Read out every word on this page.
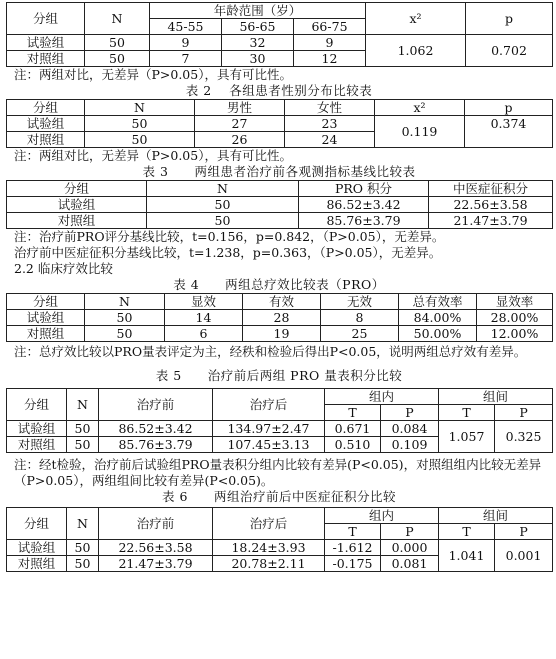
分组	N	年龄范围（岁）			x²	p
		45-55	56-65	66-75		
试验组	50	9	32	9	1.062	0.702
对照组	50	7	30	12		
注：两组对比，无差异（P>0.05），具有可比性。
表 2　 各组患者性别分布比较表
分组	N	男性	女性	x²	p
试验组	50	27	23	0.119	0.374
对照组	50	26	24		
注：两组对比，无差异（P>0.05），具有可比性。
表 3　　两组患者治疗前各观测指标基线比较表
分组	N	PRO 积分	中医症征积分
试验组	50	86.52±3.42	22.56±3.58
对照组	50	85.76±3.79	21.47±3.79
注：治疗前PRO评分基线比较，t=0.156，p=0.842，（P>0.05），无差异。
治疗前中医症征积分基线比较，t=1.238，p=0.363，（P>0.05），无差异。
2.2 临床疗效比较
表 4　　两组总疗效比较表（PRO）
分组	N	显效	有效	无效	总有效率	显效率
试验组	50	14	28	8	84.00%	28.00%
对照组	50	6	19	25	50.00%	12.00%
注：总疗效比较以PRO量表评定为主，经秩和检验后得出P<0.05，说明两组总疗效有差异。
表 5　　治疗前后两组 PRO 量表积分比较
分组	N	治疗前	治疗后	组内		组间	
				T	P	T	P
试验组	50	86.52±3.42	134.97±2.47	0.671	0.084	1.057	0.325
对照组	50	85.76±3.79	107.45±3.13	0.510	0.109		
注：经t检验，治疗前后试验组PRO量表积分组内比较有差异(P<0.05)，对照组组内比较无差异（P>0.05），两组组间比较有差异(P<0.05)。
表 6　　两组治疗前后中医症征积分比较
分组	N	治疗前	治疗后	组内		组间	
				T	P	T	P
试验组	50	22.56±3.58	18.24±3.93	-1.612	0.000	1.041	0.001
对照组	50	21.47±3.79	20.78±2.11	-0.175	0.081		
